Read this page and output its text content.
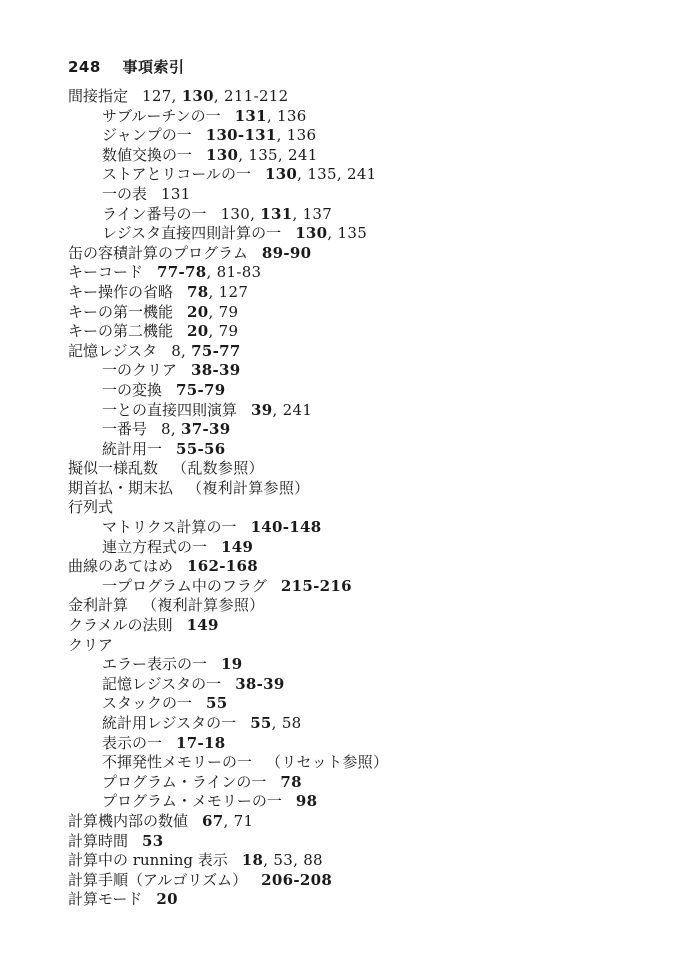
248 事項索引
間接指定 127, 130, 211-212
サブルーチンの一 131, 136
ジャンプの一 130-131, 136
数値交換の一 130, 135, 241
ストアとリコールの一 130, 135, 241
一の表 131
ライン番号の一 130, 131, 137
レジスタ直接四則計算の一 130, 135
缶の容積計算のプログラム 89-90
キーコード 77-78, 81-83
キー操作の省略 78, 127
キーの第一機能 20, 79
キーの第二機能 20, 79
記憶レジスタ 8, 75-77
一のクリア 38-39
一の変換 75-79
一との直接四則演算 39, 241
一番号 8, 37-39
統計用一 55-56
擬似一様乱数 （乱数参照）
期首払・期末払 （複利計算参照）
行列式
マトリクス計算の一 140-148
連立方程式の一 149
曲線のあてはめ 162-168
一プログラム中のフラグ 215-216
金利計算 （複利計算参照）
クラメルの法則 149
クリア
エラー表示の一 19
記憶レジスタの一 38-39
スタックの一 55
統計用レジスタの一 55, 58
表示の一 17-18
不揮発性メモリーの一 （リセット参照）
プログラム・ラインの一 78
プログラム・メモリーの一 98
計算機内部の数値 67, 71
計算時間 53
計算中の running 表示 18, 53, 88
計算手順（アルゴリズム） 206-208
計算モード 20
